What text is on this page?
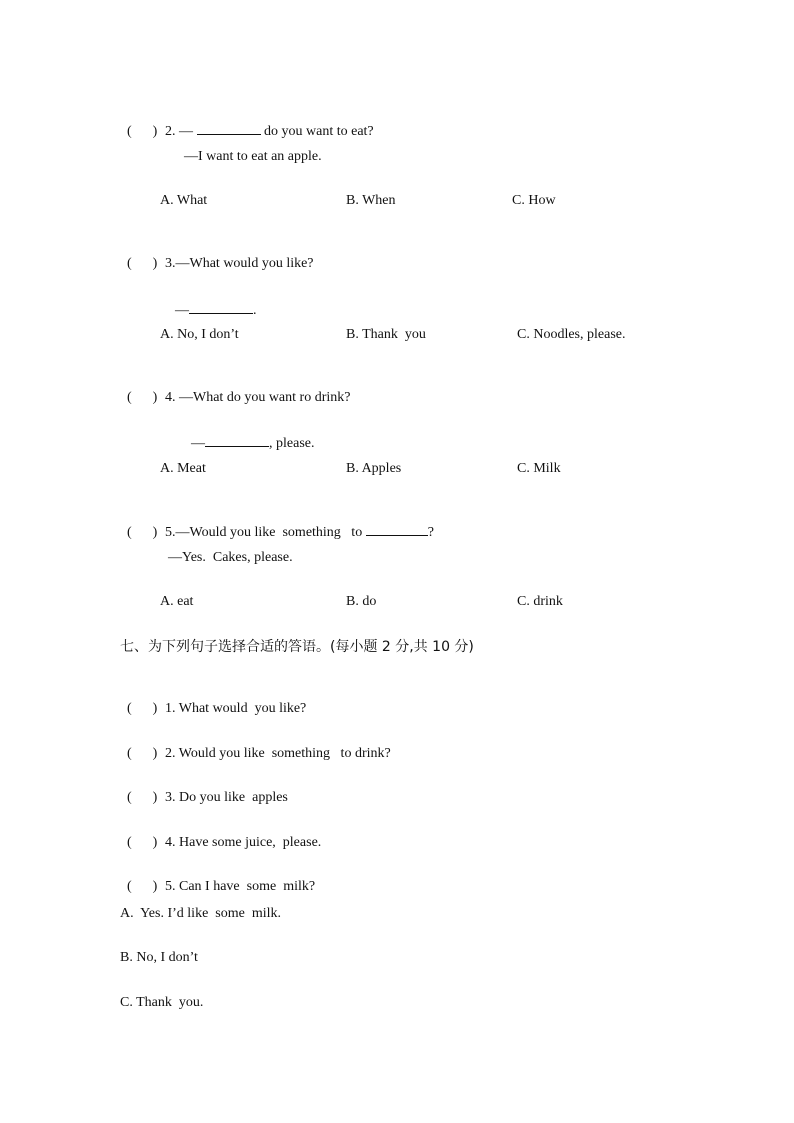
(      ) 2. —	do you want to eat?

—I want to eat an apple.
A. What	B. When	C. How

(      ) 3.—What would you like?

—	.

A. No, I don’t	B. Thank  you	C. Noodles, please.

(      ) 4. —What do you want ro drink?

—	, please.

A. Meat	B. Apples	C. Milk

(      ) 5.—Would you like  something   to	?

—Yes.  Cakes, please.
A. eat	B. do	C. drink
七、为下列句子选择合适的答语。(每小题 2 分,共 10 分)

(      ) 1. What would  you like?

(      ) 2. Would you like  something   to drink?

(      ) 3. Do you like  apples

(      ) 4. Have some juice,  please.

(      ) 5. Can I have  some  milk?

A.  Yes. I’d like  some  milk.
B. No, I don’t
C. Thank  you.
